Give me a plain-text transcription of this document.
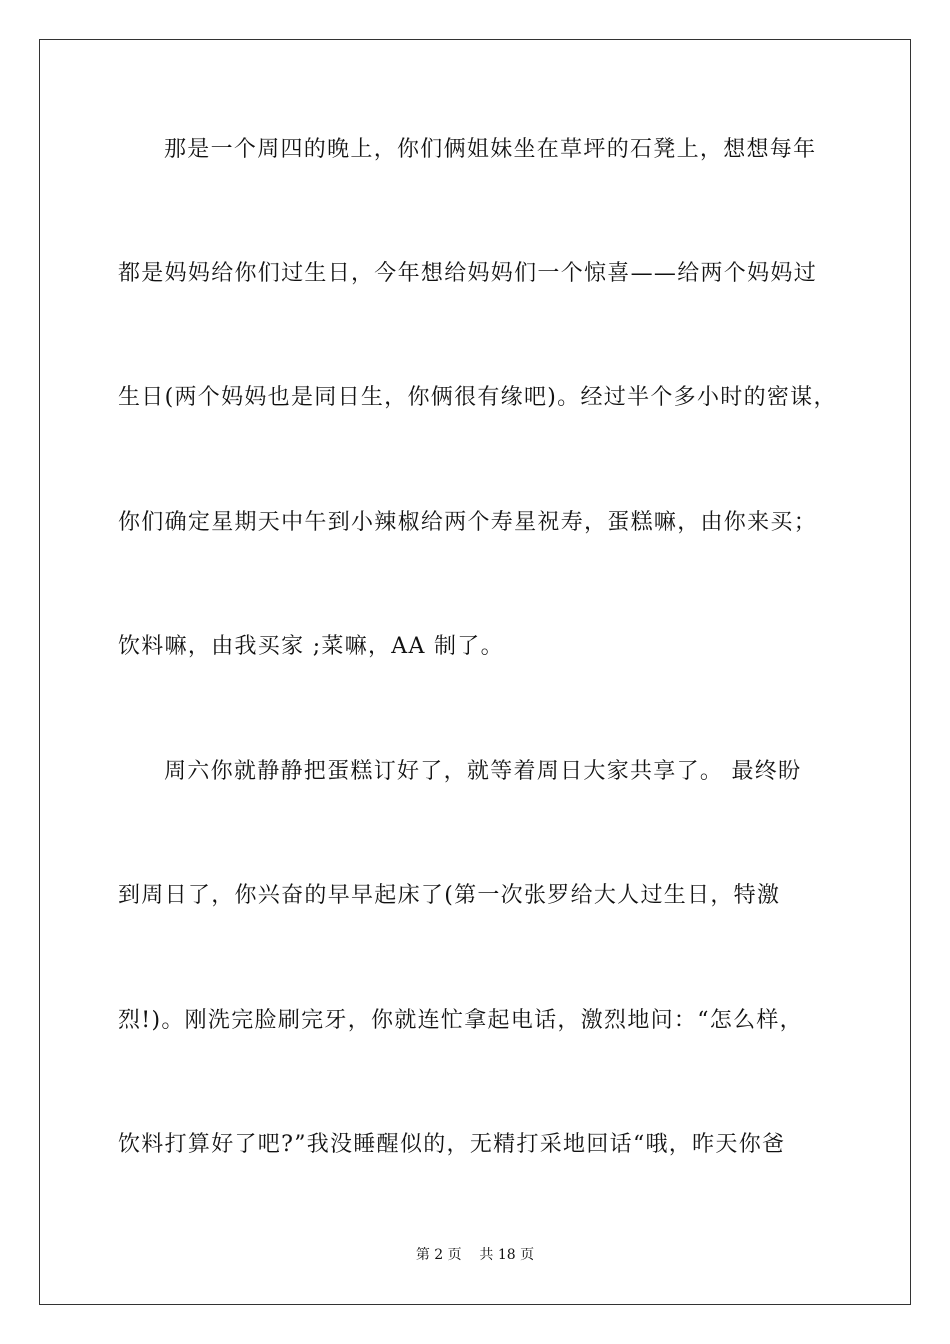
那是一个周四的晚上，你们俩姐妹坐在草坪的石凳上，想想每年
都是妈妈给你们过生日，今年想给妈妈们一个惊喜——给两个妈妈过
生日(两个妈妈也是同日生，你俩很有缘吧)。经过半个多小时的密谋，
你们确定星期天中午到小辣椒给两个寿星祝寿，蛋糕嘛，由你来买；
饮料嘛，由我买家 ;菜嘛，AA 制了。
周六你就静静把蛋糕订好了，就等着周日大家共享了。 最终盼
到周日了，你兴奋的早早起床了(第一次张罗给大人过生日，特激
烈!)。刚洗完脸刷完牙，你就连忙拿起电话，激烈地问：“怎么样，
饮料打算好了吧?”我没睡醒似的，无精打采地回话“哦，昨天你爸
第 2 页    共 18 页
